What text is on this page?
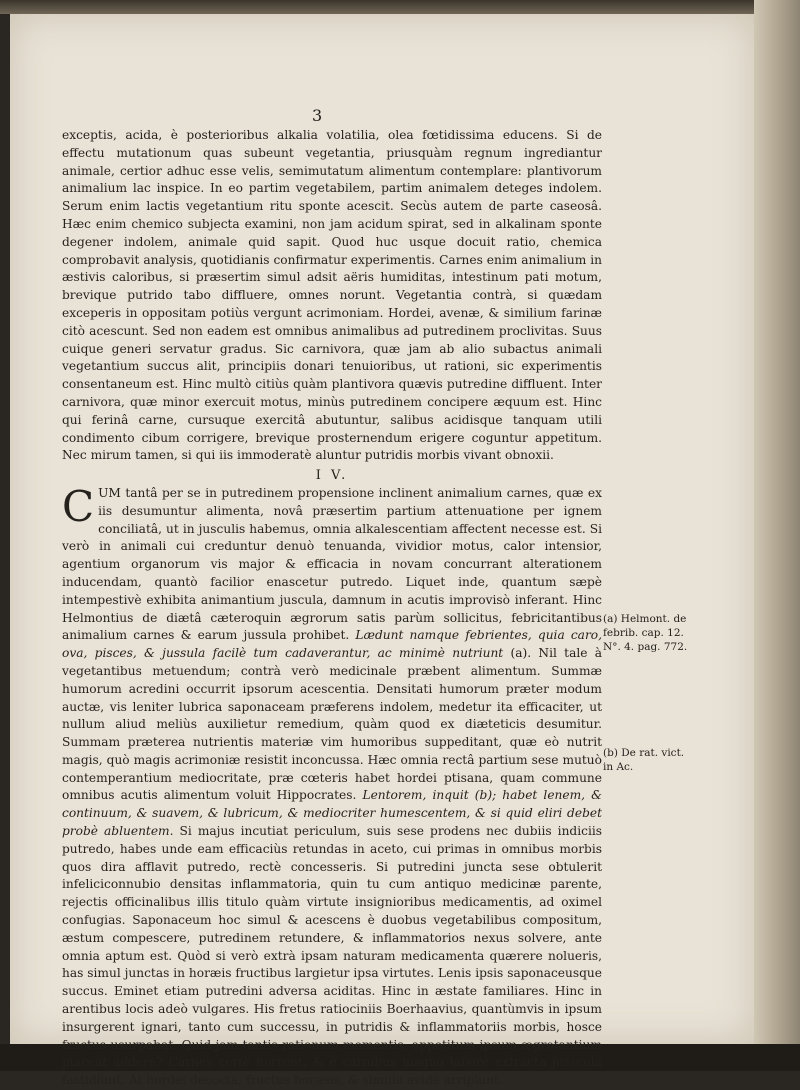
3

exceptis, acida, è posterioribus alkalia volatilia, olea fœtidissima educens. Si de effectu mutationum quas subeunt vegetantia, priusquàm regnum ingrediantur animale, certior adhuc esse velis, semimutatum alimentum contemplare: plantivorum animalium lac inspice. In eo partim vegetabilem, partim animalem deteges indolem. Serum enim lactis vegetantium ritu sponte acescit. Secùs autem de parte caseosâ. Hæc enim chemico subjecta examini, non jam acidum spirat, sed in alkalinam sponte degener indolem, animale quid sapit. Quod huc usque docuit ratio, chemica comprobavit analysis, quotidianis confirmatur experimentis. Carnes enim animalium in æstivis caloribus, si præsertim simul adsit aëris humiditas, intestinum pati motum, brevique putrido tabo diffluere, omnes norunt. Vegetantia contrà, si quædam exceperis in oppositam potiùs vergunt acrimoniam. Hordei, avenæ, & similium farinæ citò acescunt. Sed non eadem est omnibus animalibus ad putredinem proclivitas. Suus cuique generi servatur gradus. Sic carnivora, quæ jam ab alio subactus animali vegetantium succus alit, principiis donari tenuioribus, ut rationi, sic experimentis consentaneum est. Hinc multò citiùs quàm plantivora quævis putredine diffluent. Inter carnivora, quæ minor exercuit motus, minùs putredinem concipere æquum est. Hinc qui ferinâ carne, cursuque exercitâ abutuntur, salibus acidisque tanquam utili condimento cibum corrigere, brevique prosternendum erigere coguntur appetitum. Nec mirum tamen, si qui iis immoderatè aluntur putridis morbis vivant obnoxii.

I V.

CUM tantâ per se in putredinem propensione inclinent animalium carnes, quæ ex iis desumuntur alimenta, novâ præsertim partium attenuatione per ignem conciliatâ, ut in jusculis habemus, omnia alkalescentiam affectent necesse est. Si verò in animali cui creduntur denuò tenuanda, vividior motus, calor intensior, agentium organorum vis major & efficacia in novam concurrant alterationem inducendam, quantò facilior enascetur putredo. Liquet inde, quantum sæpè intempestivè exhibita animantium juscula, damnum in acutis improvisò inferant. Hinc Helmontius de diætâ cæteroquin ægrorum satis parùm sollicitus, febricitantibus animalium carnes & earum jussula prohibet. Lædunt namque febrientes, quia caro, ova, pisces, & jussula facilè tum cadaverantur, ac minimè nutriunt (a). Nil tale à vegetantibus metuendum; contrà verò medicinale præbent alimentum. Summæ humorum acredini occurrit ipsorum acescentia. Densitati humorum præter modum auctæ, vis leniter lubrica saponaceam præferens indolem, medetur ita efficaciter, ut nullum aliud meliùs auxilietur remedium, quàm quod ex diæteticis desumitur. Summam præterea nutrientis materiæ vim humoribus suppeditant, quæ eò nutrit magis, quò magis acrimoniæ resistit inconcussa. Hæc omnia rectâ partium sese mutuò contemperantium mediocritate, præ cœteris habet hordei ptisana, quam commune omnibus acutis alimentum voluit Hippocrates. Lentorem, inquit (b); habet lenem, & continuum, & suavem, & lubricum, & mediocriter humescentem, & si quid eliri debet probè abluentem. Si majus incutiat periculum, suis sese prodens nec dubiis indiciis putredo, habes unde eam efficaciùs retundas in aceto, cui primas in omnibus morbis quos dira afflavit putredo, rectè concesseris. Si putredini juncta sese obtulerit infeliciconnubio densitas inflammatoria, quin tu cum antiquo medicinæ parente, rejectis officinalibus illis titulo quàm virtute insignioribus medicamentis, ad oximel confugias. Saponaceum hoc simul & acescens è duobus vegetabilibus compositum, æstum compescere, putredinem retundere, & inflammatorios nexus solvere, ante omnia aptum est. Quòd si verò extrà ipsam naturam medicamenta quærere nolueris, has simul junctas in horæis fructibus largietur ipsa virtutes. Lenis ipsis saponaceusque succus. Eminet etiam putredini adversa aciditas. Hinc in æstate familiares. Hinc in arentibus locis adeò vulgares. His fretus ratiociniis Boerhaavius, quantùmvis in ipsum insurgerent ignari, tanto cum successu, in putridis & inflammatoriis morbis, hosce fructus usurpabat. Quid jam tantis rationum momentis, appetitum ipsum ægrotantium placeat addere? Carnes certè horrent, & è carnibus magno labore extracta jusscula fastidiunt. At hordei decocta, fructus horæos, & similia avidè arripiunt.

(a) Helmont. de febrib. cap. 12. N°. 4. pag. 772.
(b) De rat. vict. in Ac.
